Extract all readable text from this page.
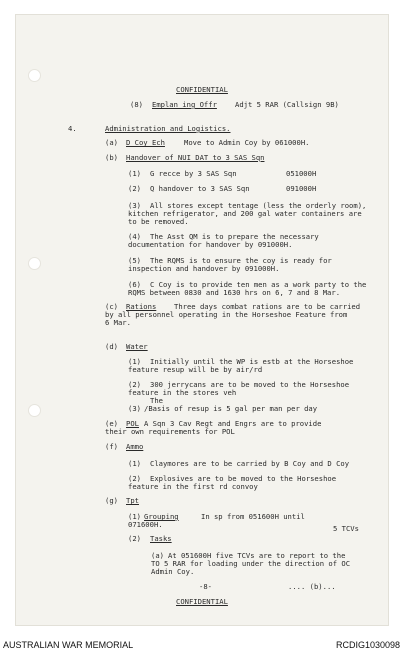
CONFIDENTIAL
(8) Emplan ing Offr	Adjt 5 RAR (Callsign 9B)
4.	Administration and Logistics.
(a) D Coy Ech	Move to Admin Coy by 061000H.
(b) Handover of NUI DAT to 3 SAS Sqn
(1) G recce by 3 SAS Sqn	051000H
(2) Q handover to 3 SAS Sqn	091000H
(3) All stores except tentage (less the orderly room),
kitchen refrigerator, and 200 gal water containers are
to be removed.
(4) The Asst QM is to prepare the necessary
documentation for handover by 091000H.
(5) The RQMS is to ensure the coy is ready for
inspection and handover by 091000H.
(6) C Coy is to provide ten men as a work party to the
RQMS between 0830 and 1630 hrs on 6, 7 and 8 Mar.
(c) Rations Three days combat rations are to be carried
by all personnel operating in the Horseshoe Feature from
6 Mar.
(d) Water
(1) Initially until the WP is estb at the Horseshoe
feature resup will be by air/rd
(2) 300 jerrycans are to be moved to the Horseshoe
feature in the stores veh
The
(3) /Basis of resup is 5 gal per man per day
(e) POL A Sqn 3 Cav Regt and Engrs are to provide
their own requirements for POL
(f) Ammo
(1) Claymores are to be carried by B Coy and D Coy
(2) Explosives are to be moved to the Horseshoe
feature in the first rd convoy
(g) Tpt
(1) Grouping	In sp from 051600H until
071600H.	5 TCVs
(2) Tasks
(a) At 051600H five TCVs are to report to the
TO 5 RAR for loading under the direction of OC
Admin Coy.
-8-	.... (b)...
CONFIDENTIAL
AUSTRALIAN WAR MEMORIAL	RCDIG1030098
